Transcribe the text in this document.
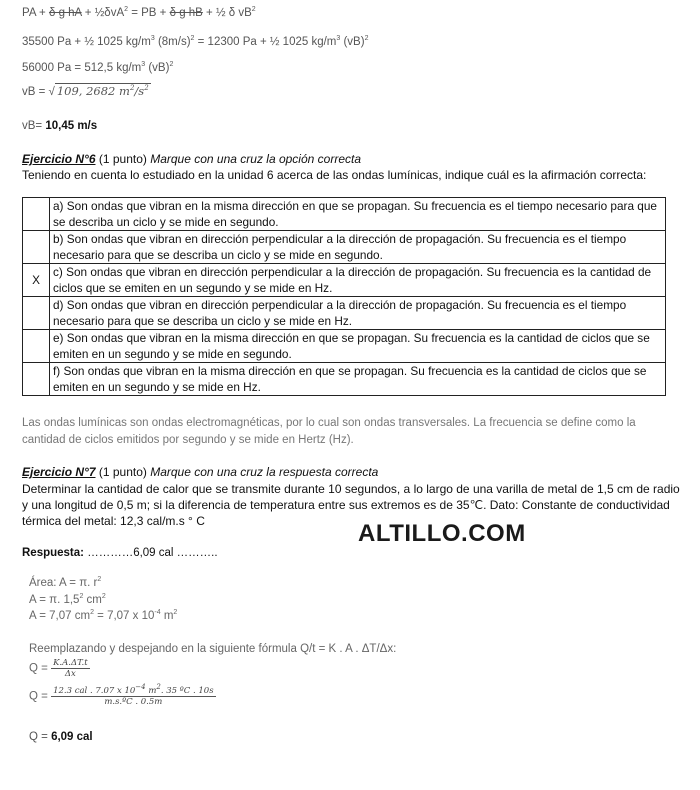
PA + δ g hA + ½δvA$^2$ = PB + δ g hB + ½ δ $vB^2$
35500 Pa + ½ 1025 $kg/m^3$ $(8m/s)^2 = 12300$ Pa + ½ 1025 $kg/m^3$ (vB)$^2$
56000 Pa = 512,5 $kg/m^3$ (vB)$^2$
vB = √ 109, 2682 $m^2/s^2$
vB= 10,45 m/s
Ejercicio N°6 (1 punto) Marque con una cruz la opción correcta
Teniendo en cuenta lo estudiado en la unidad 6 acerca de las ondas lumínicas, indique cuál es la afirmación correcta:
	a) Son ondas que vibran en la misma dirección en que se propagan. Su frecuencia es el tiempo necesario para que se describa un ciclo y se mide en segundo.
	b) Son ondas que vibran en dirección perpendicular a la dirección de propagación. Su frecuencia es el tiempo necesario para que se describa un ciclo y se mide en segundo.
X	c) Son ondas que vibran en dirección perpendicular a la dirección de propagación. Su frecuencia es la cantidad de ciclos que se emiten en un segundo y se mide en Hz.
	d) Son ondas que vibran en dirección perpendicular a la dirección de propagación. Su frecuencia es el tiempo necesario para que se describa un ciclo y se mide en Hz.
	e) Son ondas que vibran en la misma dirección en que se propagan. Su frecuencia es la cantidad de ciclos que se emiten en un segundo y se mide en segundo.
	f) Son ondas que vibran en la misma dirección en que se propagan. Su frecuencia es la cantidad de ciclos que se emiten en un segundo y se mide en Hz.
Las ondas lumínicas son ondas electromagnéticas, por lo cual son ondas transversales. La frecuencia se define como la cantidad de ciclos emitidos por segundo y se mide en Hertz (Hz).
Ejercicio N°7 (1 punto) Marque con una cruz la respuesta correcta
Determinar la cantidad de calor que se transmite durante 10 segundos, a lo largo de una varilla de metal de 1,5 cm de radio y una longitud de 0,5 m; si la diferencia de temperatura entre sus extremos es de 35℃. Dato: Constante de conductividad térmica del metal: 12,3 cal/m.s ° C
Respuesta: …………6,09 cal ………..
ALTILLO.COM
Área: A = π. $r^2$
A = π. $1,5^2$ $cm^2$
A = 7,07 $cm^2 = 7,07$ x $10^{-4}$ $m^2$
Reemplazando y despejando en la siguiente fórmula Q/t = K . A . ΔT/Δx:
$Q = \frac{K.A.\Delta T.t}{\Delta x}$
$Q = \frac{12.3 cal . 7.07 x 10^{-4} m^2. 35 ºC . 10s}{\text{m.s.ºC . 0.5m}}$
Q = 6,09 cal
